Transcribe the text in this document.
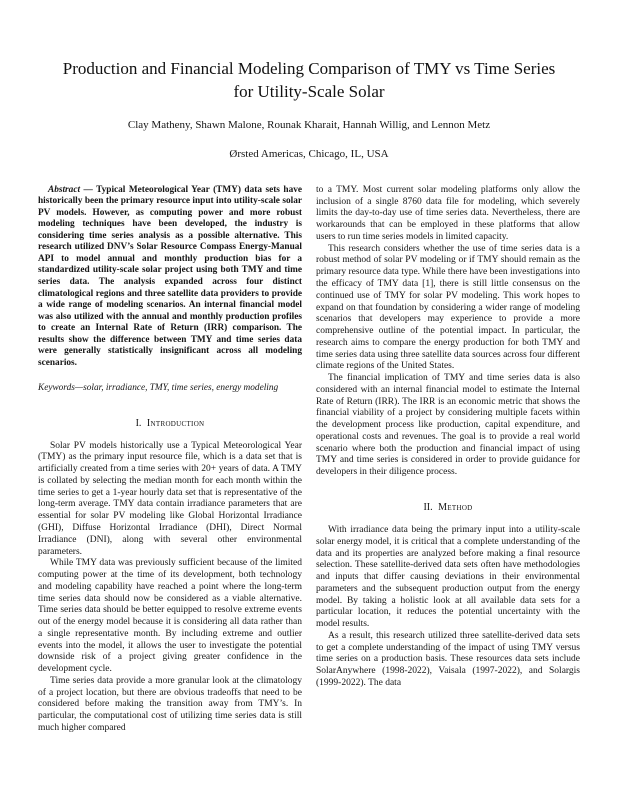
Production and Financial Modeling Comparison of TMY vs Time Series for Utility-Scale Solar
Clay Matheny, Shawn Malone, Rounak Kharait, Hannah Willig, and Lennon Metz
Ørsted Americas, Chicago, IL, USA

Abstract — Typical Meteorological Year (TMY) data sets have historically been the primary resource input into utility-scale solar PV models. However, as computing power and more robust modeling techniques have been developed, the industry is considering time series analysis as a possible alternative. This research utilized DNV’s Solar Resource Compass Energy-Manual API to model annual and monthly production bias for a standardized utility-scale solar project using both TMY and time series data. The analysis expanded across four distinct climatological regions and three satellite data providers to provide a wide range of modeling scenarios. An internal financial model was also utilized with the annual and monthly production profiles to create an Internal Rate of Return (IRR) comparison. The results show the difference between TMY and time series data were generally statistically insignificant across all modeling scenarios.

Keywords—solar, irradiance, TMY, time series, energy modeling

I. Introduction

Solar PV models historically use a Typical Meteorological Year (TMY) as the primary input resource file, which is a data set that is artificially created from a time series with 20+ years of data. A TMY is collated by selecting the median month for each month within the time series to get a 1-year hourly data set that is representative of the long-term average. TMY data contain irradiance parameters that are essential for solar PV modeling like Global Horizontal Irradiance (GHI), Diffuse Horizontal Irradiance (DHI), Direct Normal Irradiance (DNI), along with several other environmental parameters.

While TMY data was previously sufficient because of the limited computing power at the time of its development, both technology and modeling capability have reached a point where the long-term time series data should now be considered as a viable alternative. Time series data should be better equipped to resolve extreme events out of the energy model because it is considering all data rather than a single representative month. By including extreme and outlier events into the model, it allows the user to investigate the potential downside risk of a project giving greater confidence in the development cycle.

Time series data provide a more granular look at the climatology of a project location, but there are obvious tradeoffs that need to be considered before making the transition away from TMY’s. In particular, the computational cost of utilizing time series data is still much higher compared

to a TMY. Most current solar modeling platforms only allow the inclusion of a single 8760 data file for modeling, which severely limits the day-to-day use of time series data. Nevertheless, there are workarounds that can be employed in these platforms that allow users to run time series models in limited capacity.

This research considers whether the use of time series data is a robust method of solar PV modeling or if TMY should remain as the primary resource data type. While there have been investigations into the efficacy of TMY data [1], there is still little consensus on the continued use of TMY for solar PV modeling. This work hopes to expand on that foundation by considering a wider range of modeling scenarios that developers may experience to provide a more comprehensive outline of the potential impact. In particular, the research aims to compare the energy production for both TMY and time series data using three satellite data sources across four different climate regions of the United States.

The financial implication of TMY and time series data is also considered with an internal financial model to estimate the Internal Rate of Return (IRR). The IRR is an economic metric that shows the financial viability of a project by considering multiple facets within the development process like production, capital expenditure, and operational costs and revenues. The goal is to provide a real world scenario where both the production and financial impact of using TMY and time series is considered in order to provide guidance for developers in their diligence process.

II. Method

With irradiance data being the primary input into a utility-scale solar energy model, it is critical that a complete understanding of the data and its properties are analyzed before making a final resource selection. These satellite-derived data sets often have methodologies and inputs that differ causing deviations in their environmental parameters and the subsequent production output from the energy model. By taking a holistic look at all available data sets for a particular location, it reduces the potential uncertainty with the model results.

As a result, this research utilized three satellite-derived data sets to get a complete understanding of the impact of using TMY versus time series on a production basis. These resources data sets include SolarAnywhere (1998-2022), Vaisala (1997-2022), and Solargis (1999-2022). The data
